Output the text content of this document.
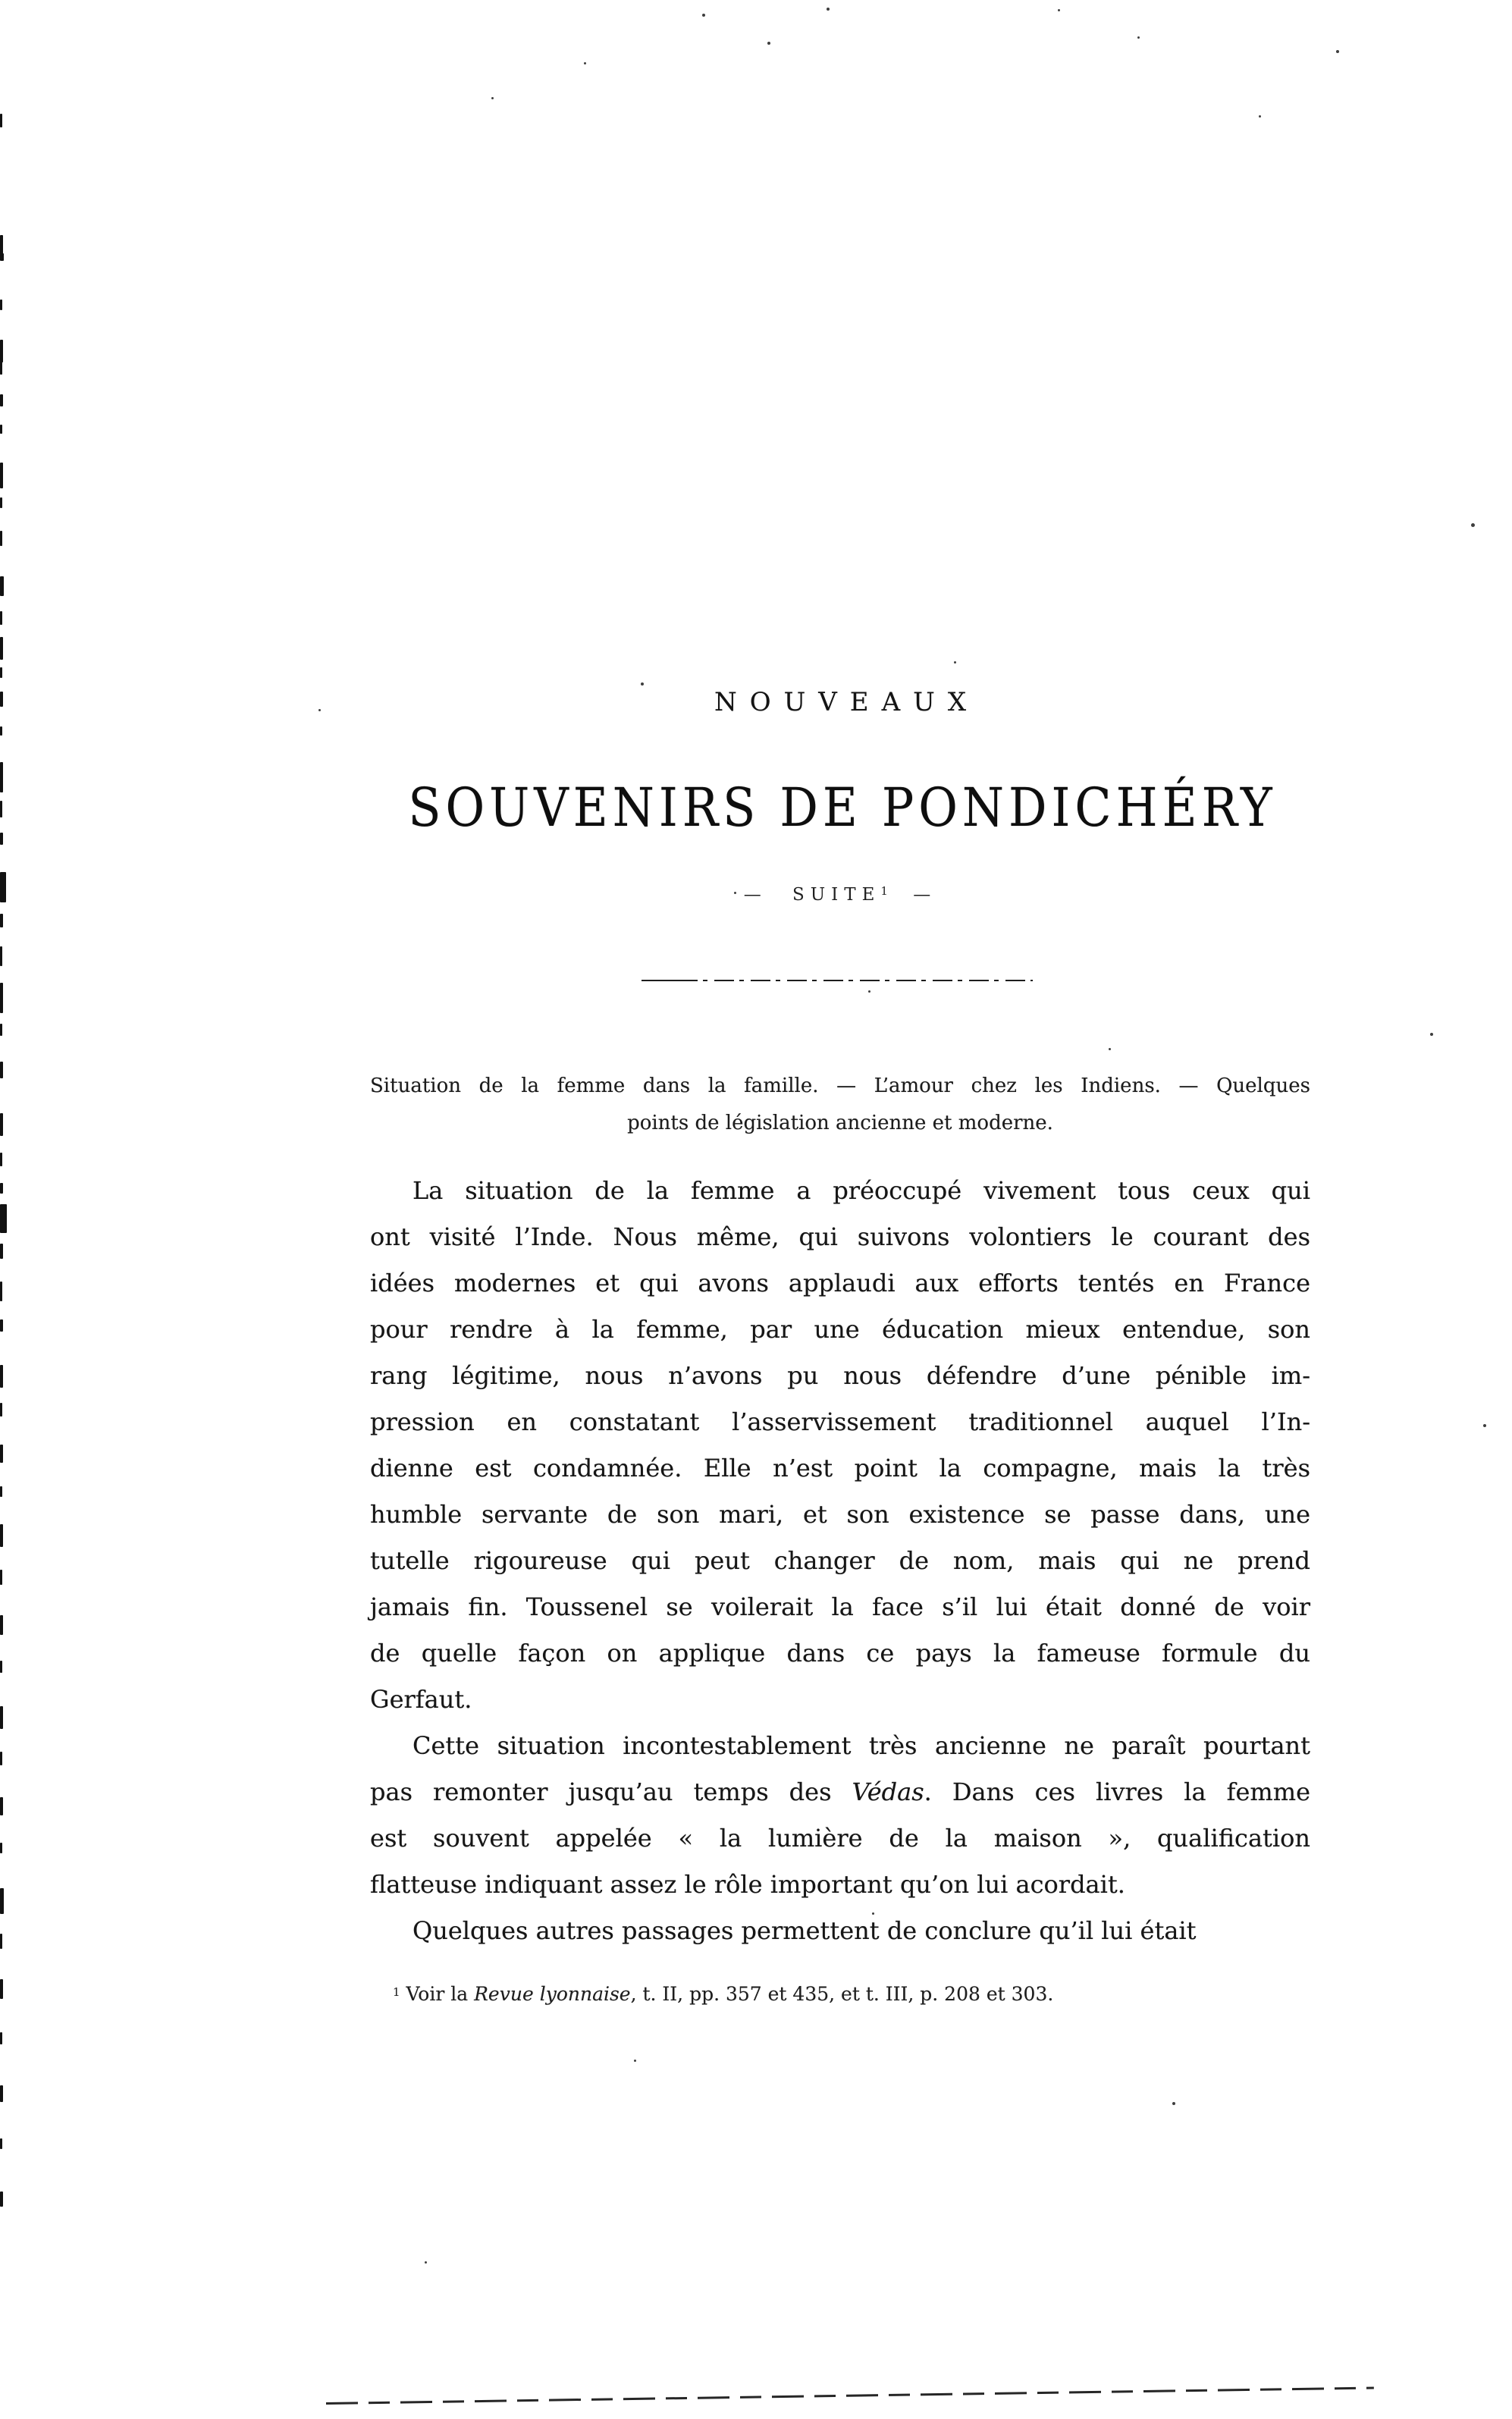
NOUVEAUX
SOUVENIRS DE PONDICHÉRY
— SUITE$^1$ —
Situation de la femme dans la famille. — L’amour chez les Indiens. — Quelques
points de législation ancienne et moderne.
La situation de la femme a préoccupé vivement tous ceux qui
ont visité l’Inde. Nous même, qui suivons volontiers le courant des
idées modernes et qui avons applaudi aux efforts tentés en France
pour rendre à la femme, par une éducation mieux entendue, son
rang légitime, nous n’avons pu nous défendre d’une pénible im-
pression en constatant l’asservissement traditionnel auquel l’In-
dienne est condamnée. Elle n’est point la compagne, mais la très
humble servante de son mari, et son existence se passe dans, une
tutelle rigoureuse qui peut changer de nom, mais qui ne prend
jamais fin. Toussenel se voilerait la face s’il lui était donné de voir
de quelle façon on applique dans ce pays la fameuse formule du
Gerfaut.
Cette situation incontestablement très ancienne ne paraît pourtant
pas remonter jusqu’au temps des Védas. Dans ces livres la femme
est souvent appelée « la lumière de la maison », qualification
flatteuse indiquant assez le rôle important qu’on lui acordait.
Quelques autres passages permettent de conclure qu’il lui était
$^1$ Voir la Revue lyonnaise, t. II, pp. 357 et 435, et t. III, p. 208 et 303.
